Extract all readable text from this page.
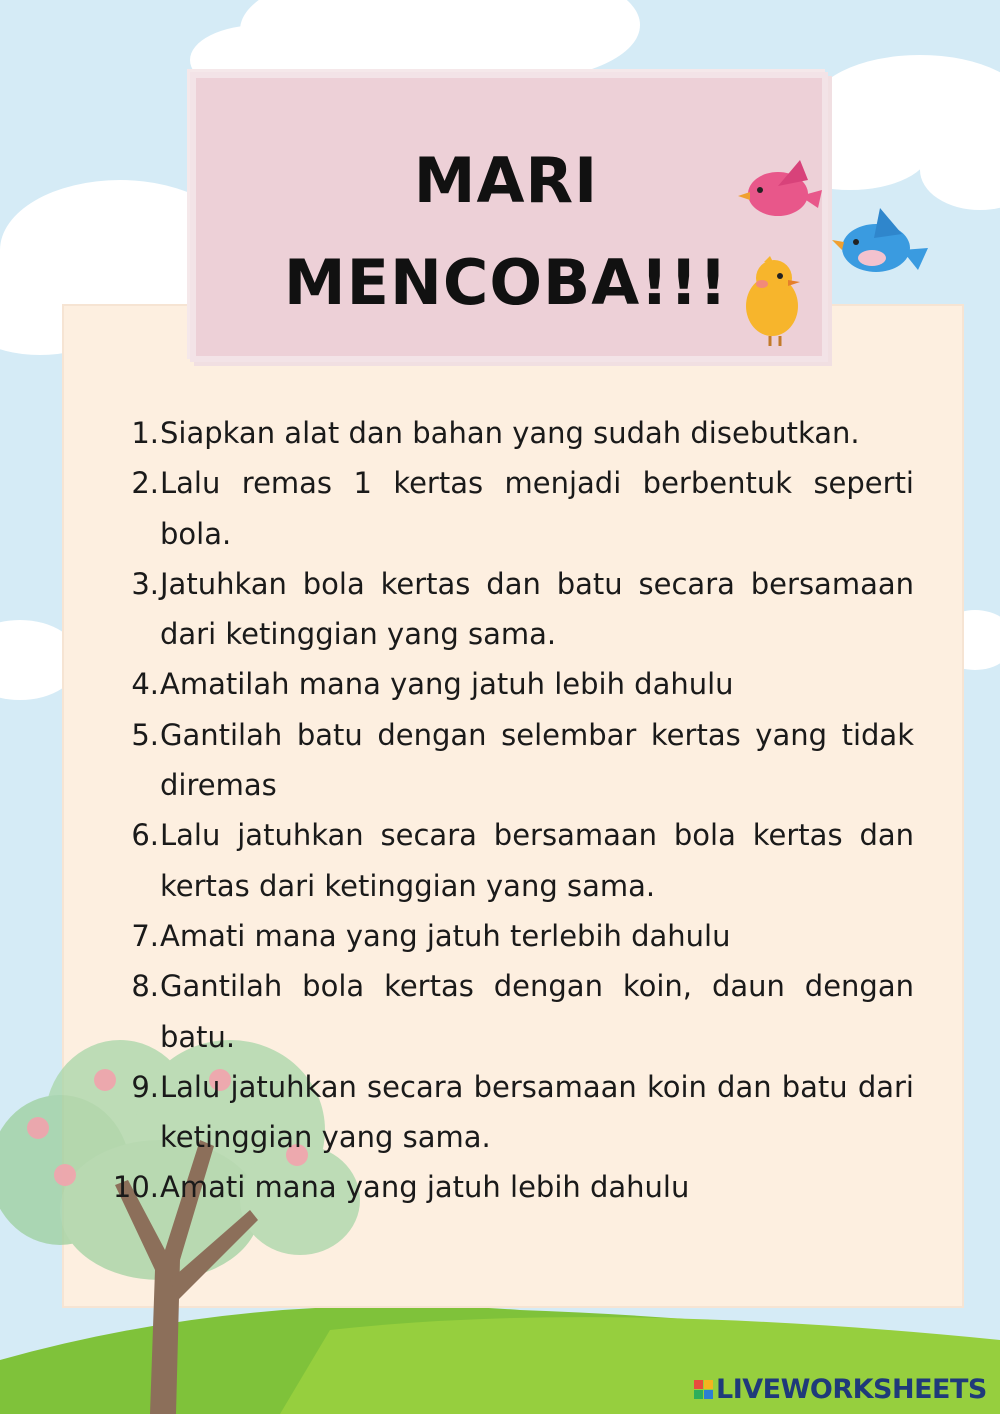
MARI
MENCOBA!!!
1. Siapkan alat dan bahan yang sudah disebutkan.
2. Lalu remas 1 kertas menjadi berbentuk seperti bola.
3. Jatuhkan bola kertas dan batu secara bersamaan dari ketinggian yang sama.
4. Amatilah mana yang jatuh lebih dahulu
5. Gantilah batu dengan selembar kertas yang tidak diremas
6. Lalu jatuhkan secara bersamaan bola kertas dan kertas dari ketinggian yang sama.
7. Amati mana yang jatuh terlebih dahulu
8. Gantilah bola kertas dengan koin, daun dengan batu.
9. Lalu jatuhkan secara bersamaan koin dan batu dari ketinggian yang sama.
10. Amati mana yang jatuh lebih dahulu
LIVEWORKSHEETS
